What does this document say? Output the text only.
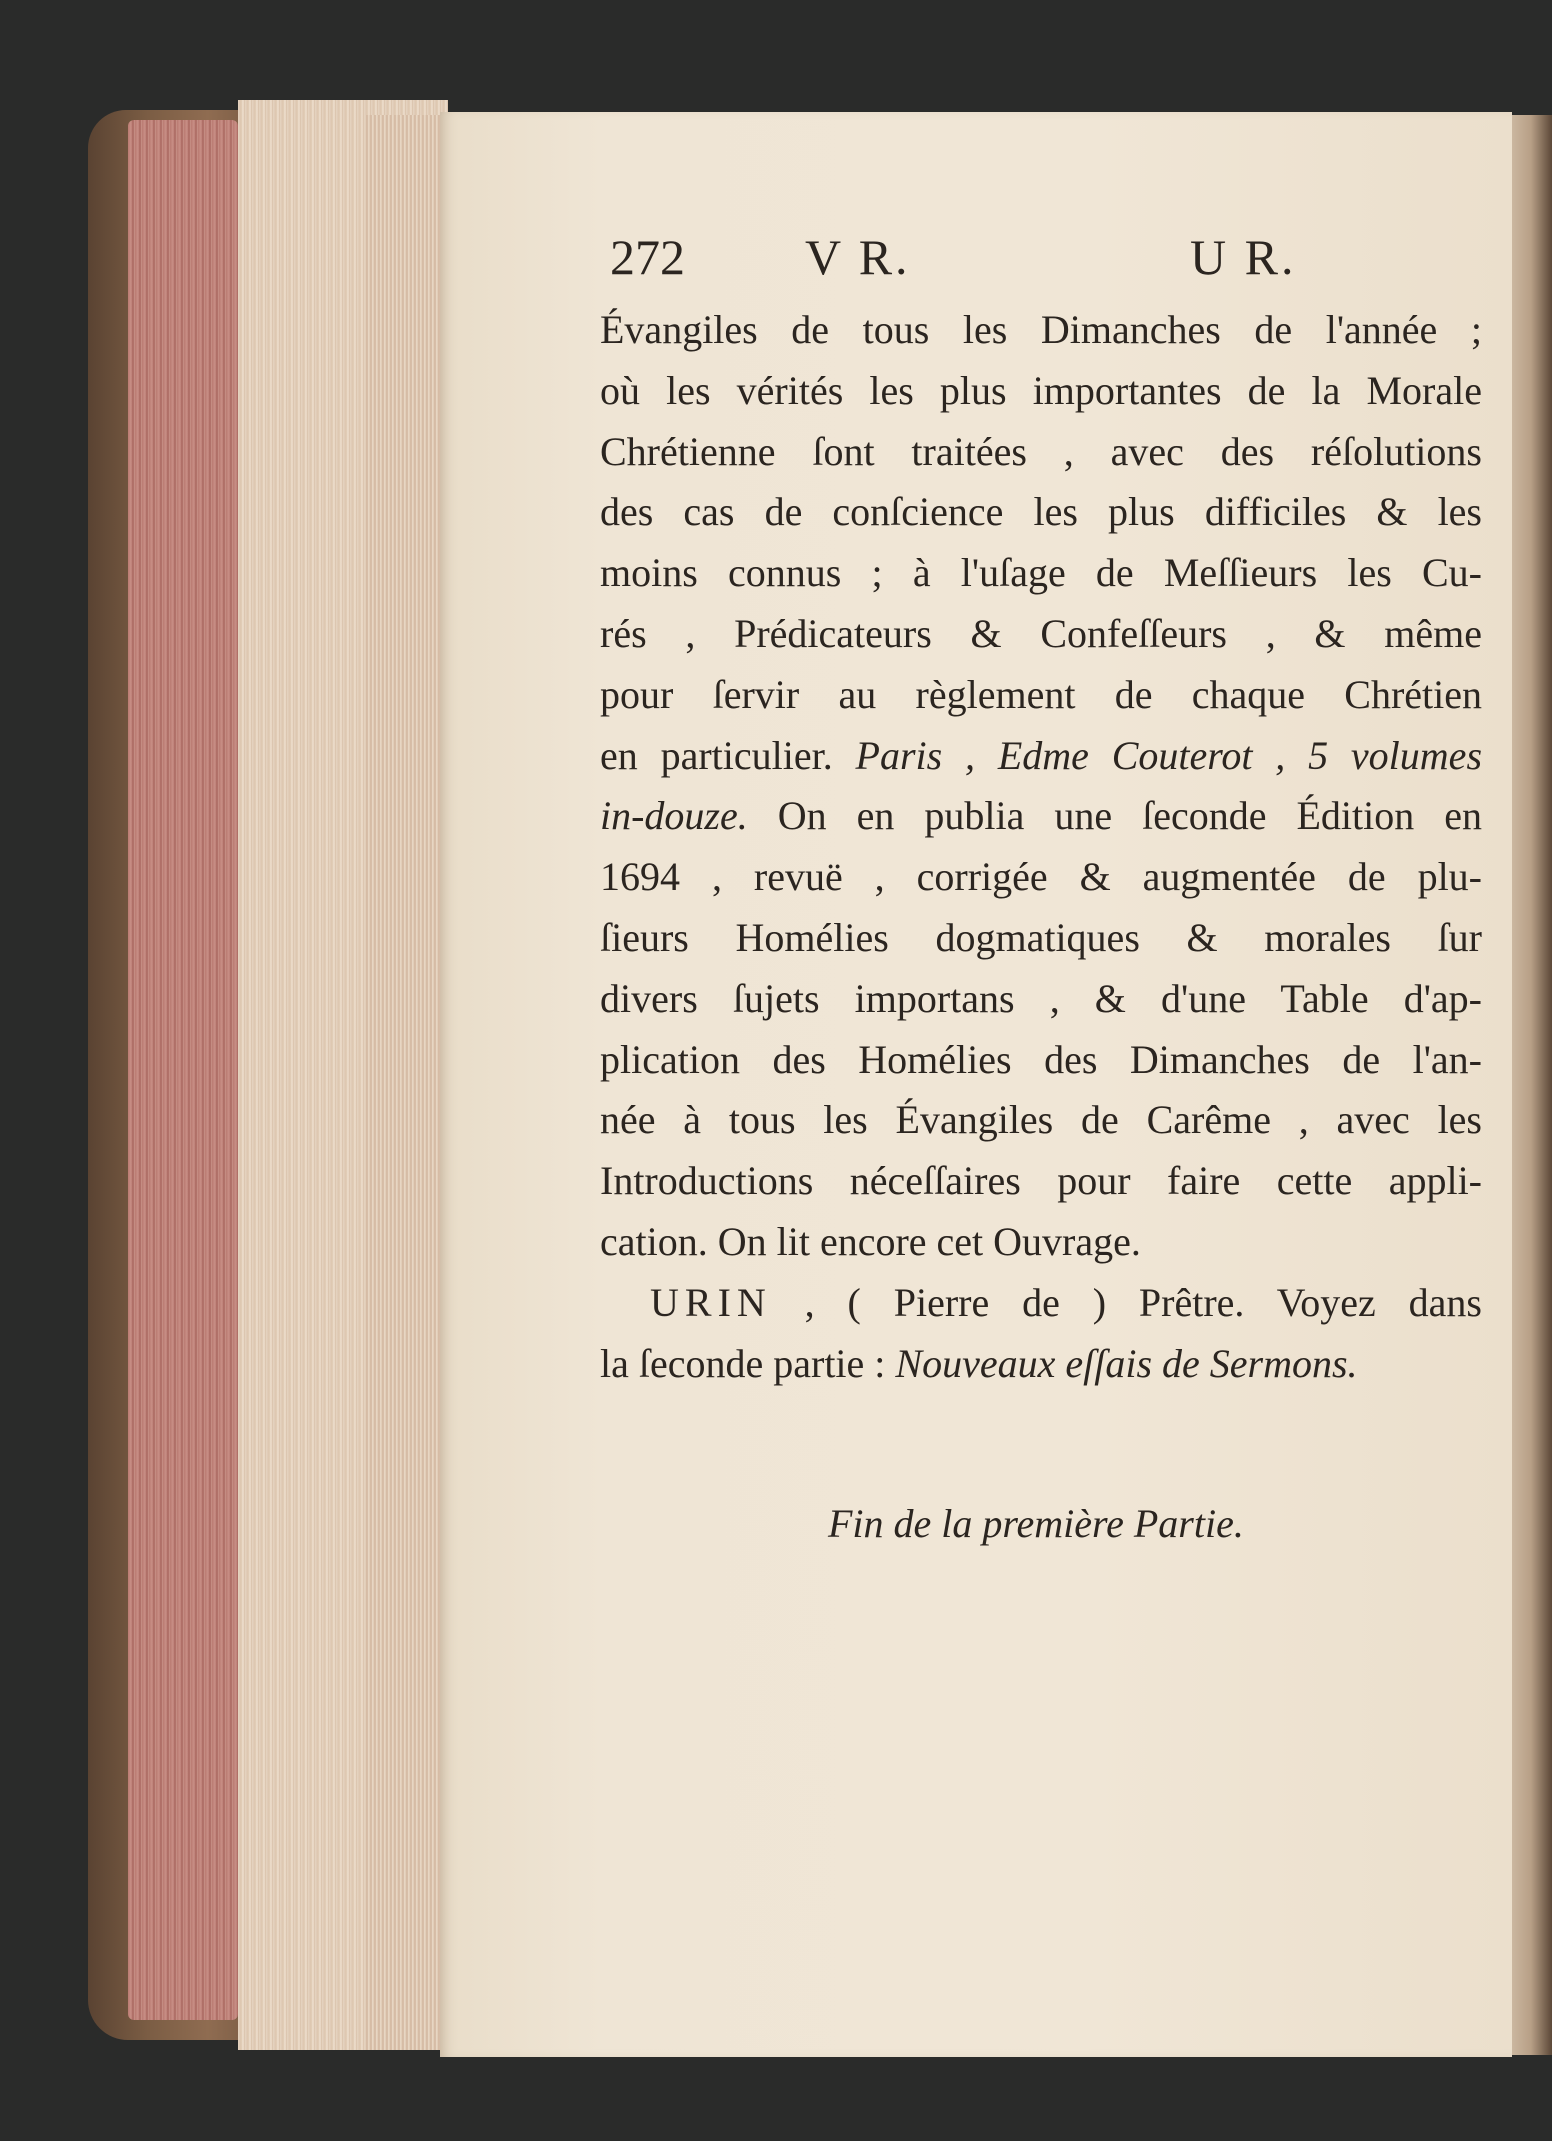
272 V R.	U R.
Évangiles de tous les Dimanches de l'année ;
où les vérités les plus importantes de la Morale
Chrétienne ſont traitées , avec des réſolutions
des cas de conſcience les plus difficiles & les
moins connus ; à l'uſage de Meſſieurs les Cu-
rés , Prédicateurs & Confeſſeurs , & même
pour ſervir au règlement de chaque Chrétien
en particulier. Paris , Edme Couterot , 5 volumes
in-douze. On en publia une ſeconde Édition en
1694 , revuë , corrigée & augmentée de plu-
ſieurs Homélies dogmatiques & morales ſur
divers ſujets importans , & d'une Table d'ap-
plication des Homélies des Dimanches de l'an-
née à tous les Évangiles de Carême , avec les
Introductions néceſſaires pour faire cette appli-
cation. On lit encore cet Ouvrage.
URIN , ( Pierre de ) Prêtre. Voyez dans
la ſeconde partie : Nouveaux eſſais de Sermons.
Fin de la première Partie.
